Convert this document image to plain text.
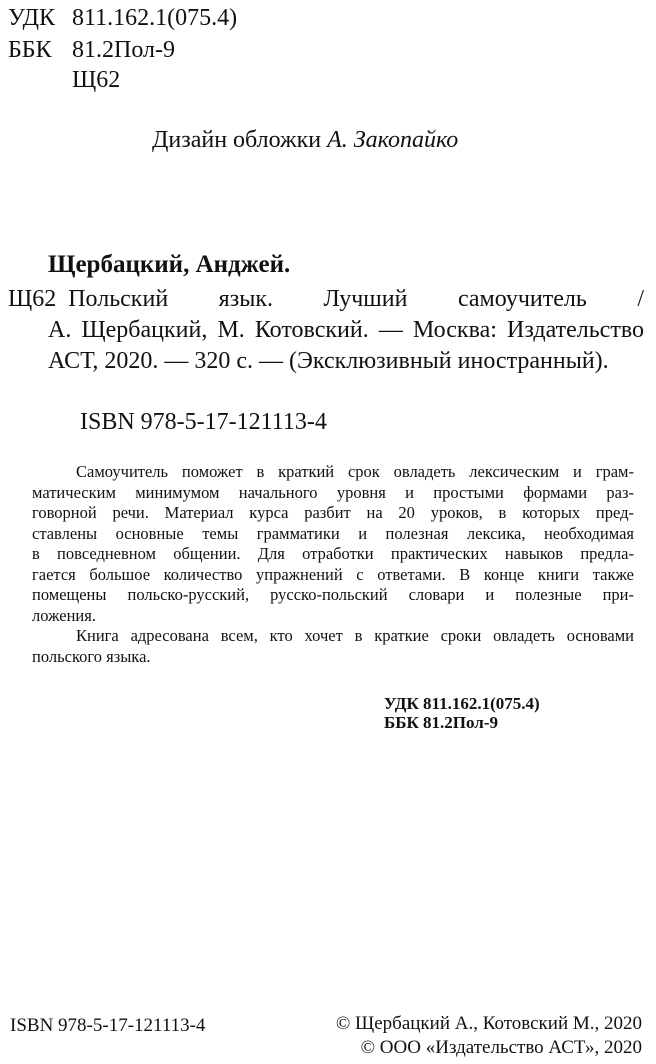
УДК 811.162.1(075.4)
ББК 81.2Пол-9
Щ62
Дизайн обложки А. Закопайко
Щербацкий, Анджей.
Щ62 Польский язык. Лучший самоучитель /
А. Щербацкий, М. Котовский. — Москва: Издательство
АСТ, 2020. — 320 с. — (Эксклюзивный иностранный).
ISBN 978-5-17-121113-4
Самоучитель поможет в краткий срок овладеть лексическим и грам-
матическим минимумом начального уровня и простыми формами раз-
говорной речи. Материал курса разбит на 20 уроков, в которых пред-
ставлены основные темы грамматики и полезная лексика, необходимая
в повседневном общении. Для отработки практических навыков предла-
гается большое количество упражнений с ответами. В конце книги также
помещены польско-русский, русско-польский словари и полезные при-
ложения.
Книга адресована всем, кто хочет в краткие сроки овладеть основами
польского языка.
УДК 811.162.1(075.4)
ББК 81.2Пол-9
ISBN 978-5-17-121113-4	© Щербацкий А., Котовский М., 2020
© ООО «Издательство АСТ», 2020
